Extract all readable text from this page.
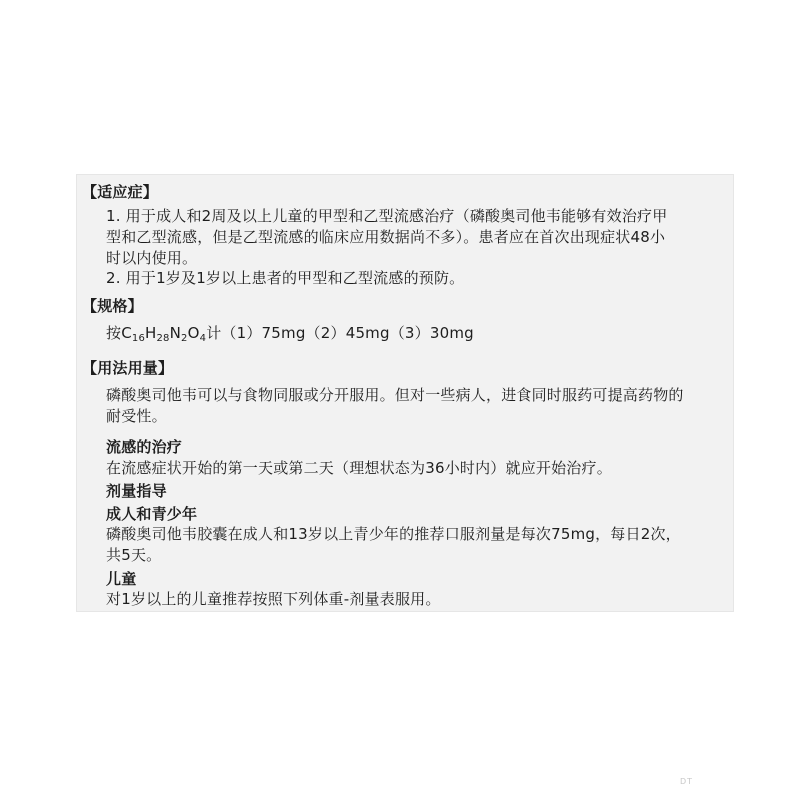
【适应症】
1. 用于成人和2周及以上儿童的甲型和乙型流感治疗（磷酸奥司他韦能够有效治疗甲
型和乙型流感，但是乙型流感的临床应用数据尚不多）。患者应在首次出现症状48小
时以内使用。
2. 用于1岁及1岁以上患者的甲型和乙型流感的预防。
【规格】
按$C_{16}H_{28}N_2O_4$计（1）75mg（2）45mg（3）30mg
【用法用量】
磷酸奥司他韦可以与食物同服或分开服用。但对一些病人，进食同时服药可提高药物的
耐受性。
流感的治疗
在流感症状开始的第一天或第二天（理想状态为36小时内）就应开始治疗。
剂量指导
成人和青少年
磷酸奥司他韦胶囊在成人和13岁以上青少年的推荐口服剂量是每次75mg，每日2次，
共5天。
儿童
对1岁以上的儿童推荐按照下列体重-剂量表服用。
DT
